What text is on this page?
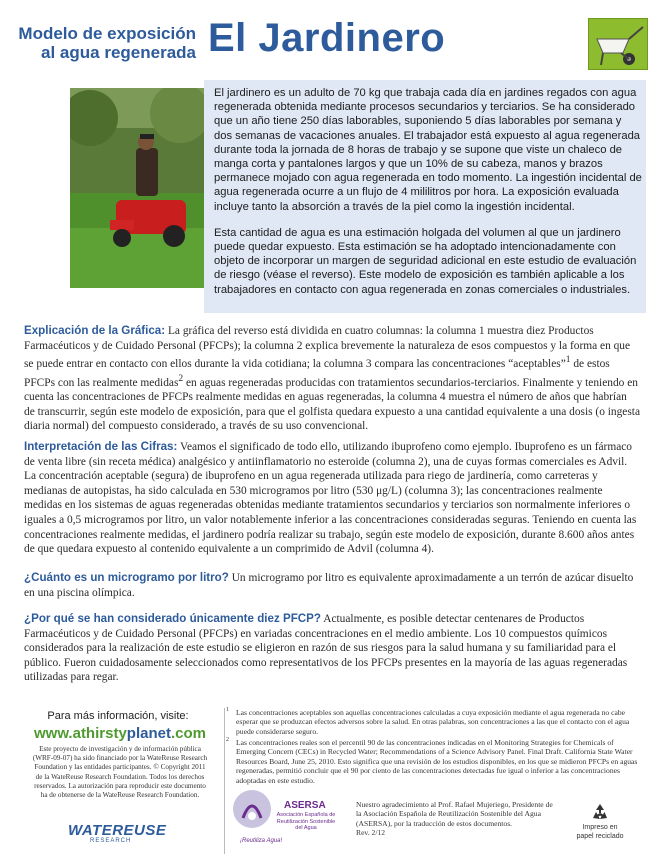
Modelo de exposición
al agua regenerada El Jardinero

El jardinero es un adulto de 70 kg que trabaja cada día en jardines regados con agua regenerada obtenida mediante procesos secundarios y terciarios. Se ha considerado que un año tiene 250 días laborables, suponiendo 5 días laborables por semana y dos semanas de vacaciones anuales. El trabajador está expuesto al agua regenerada durante toda la jornada de 8 horas de trabajo y se supone que viste un chaleco de manga corta y pantalones largos y que un 10% de su cabeza, manos y brazos permanece mojado con agua regenerada en todo momento. La ingestión incidental de agua regenerada ocurre a un flujo de 4 mililitros por hora. La exposición evaluada incluye tanto la absorción a través de la piel como la ingestión incidental.

Esta cantidad de agua es una estimación holgada del volumen al que un jardinero puede quedar expuesto. Esta estimación se ha adoptado intencionadamente con objeto de incorporar un margen de seguridad adicional en este estudio de evaluación de riesgo (véase el reverso). Este modelo de exposición es también aplicable a los trabajadores en contacto con agua regenerada en zonas comerciales o industriales.

Explicación de la Gráfica: La gráfica del reverso está dividida en cuatro columnas: la columna 1 muestra diez Productos Farmacéuticos y de Cuidado Personal (PFCPs); la columna 2 explica brevemente la naturaleza de esos compuestos y la forma en que se puede entrar en contacto con ellos durante la vida cotidiana; la columna 3 compara las concentraciones “aceptables”$^1$ de estos PFCPs con las realmente medidas$^2$ en aguas regeneradas producidas con tratamientos secundarios-terciarios. Finalmente y teniendo en cuenta las concentraciones de PFCPs realmente medidas en aguas regeneradas, la columna 4 muestra el número de años que habrían de transcurrir, según este modelo de exposición, para que el golfista quedara expuesto a una cantidad equivalente a una dosis (o ingesta diaria normal) del compuesto considerado, a través de su uso convencional.

Interpretación de las Cifras: Veamos el significado de todo ello, utilizando ibuprofeno como ejemplo. Ibuprofeno es un fármaco de venta libre (sin receta médica) analgésico y antiinflamatorio no esteroide (columna 2), una de cuyas formas comerciales es Advil. La concentración aceptable (segura) de ibuprofeno en un agua regenerada utilizada para riego de jardinería, como carreteras y medianas de autopistas, ha sido calculada en 530 microgramos por litro (530 μg/L) (columna 3); las concentraciones realmente medidas en los sistemas de aguas regeneradas obtenidas mediante tratamientos secundarios y terciarios son normalmente inferiores o iguales a 0,5 microgramos por litro, un valor notablemente inferior a las concentraciones consideradas seguras. Teniendo en cuenta las concentraciones realmente medidas, el jardinero podría realizar su trabajo, según este modelo de exposición, durante 8.600 años antes de que quedara expuesto al contenido equivalente a un comprimido de Advil (columna 4).

¿Cuánto es un microgramo por litro? Un microgramo por litro es equivalente aproximadamente a un terrón de azúcar disuelto en una piscina olímpica.

¿Por qué se han considerado únicamente diez PFCP? Actualmente, es posible detectar centenares de Productos Farmacéuticos y de Cuidado Personal (PFCPs) en variadas concentraciones en el medio ambiente. Los 10 compuestos químicos considerados para la realización de este estudio se eligieron en razón de sus riesgos para la salud humana y su familiaridad para el público. Fueron cuidadosamente seleccionados como representativos de los PFCPs presentes en la mayoría de las aguas regeneradas utilizadas para regar.

Para más información, visite:
www.athirstyplanet.com
Este proyecto de investigación y de información pública (WRF-09-07) ha sido financiado por la WateReuse Research Foundation y las entidades participantes. © Copyright 2011 de la WateReuse Research Foundation. Todos los derechos reservados. La autorización para reproducir este documento ha de obtenerse de la WateReuse Research Foundation.
WATEREUSE
RESEARCH
1 Las concentraciones aceptables son aquellas concentraciones calculadas a cuya exposición mediante el agua regenerada no cabe esperar que se produzcan efectos adversos sobre la salud. En otras palabras, son concentraciones a las que el contacto con el agua puede considerarse seguro.
2 Las concentraciones reales son el percentil 90 de las concentraciones indicadas en el Monitoring Strategies for Chemicals of Emerging Concern (CECs) in Recycled Water; Recommendations of a Science Advisory Panel. Final Draft. California State Water Resources Board, June 25, 2010. Esto significa que una revisión de los estudios disponibles, en los que se midieron PFCPs en aguas regeneradas, permitió concluir que el 90 por ciento de las concentraciones detectadas fue igual o inferior a las concentraciones adoptadas en este estudio.
ASERSA
Asociación Española de Reutilización Sostenible del Agua
¡Reutiliza Agua!
Nuestro agradecimiento al Prof. Rafael Mujeriego, Presidente de la Asociación Española de Reutilización Sostenible del Agua (ASERSA), por la traducción de estos documentos.
Rev. 2/12
Impreso en papel reciclado
